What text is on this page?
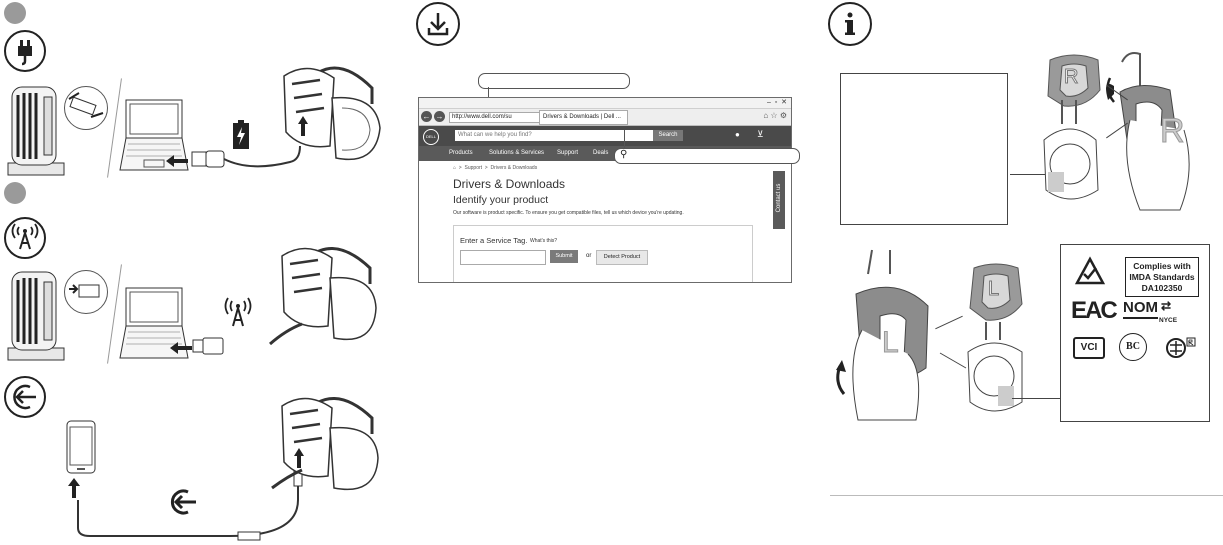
–  ▫  ✕
← →	http://www.dell.com/su	Drivers & Downloads | Dell ...	⌂ ☆ ⚙
DELL	What can we help you find?	Search	● ⊻
Products	Solutions & Services Support Deals
⌂  >  Support  >  Drivers & Downloads
Drivers & Downloads
Identify your product
Our software is product specific. To ensure you get compatible files, tell us which device you're updating.
Enter a Service Tag. What's this?
Submit	or	Detect Product
Contact us
⚲
R
R
L
L
Complies with
IMDA Standards
DA102350
EAC NOM ⇄
NYCE
VCI	BC
